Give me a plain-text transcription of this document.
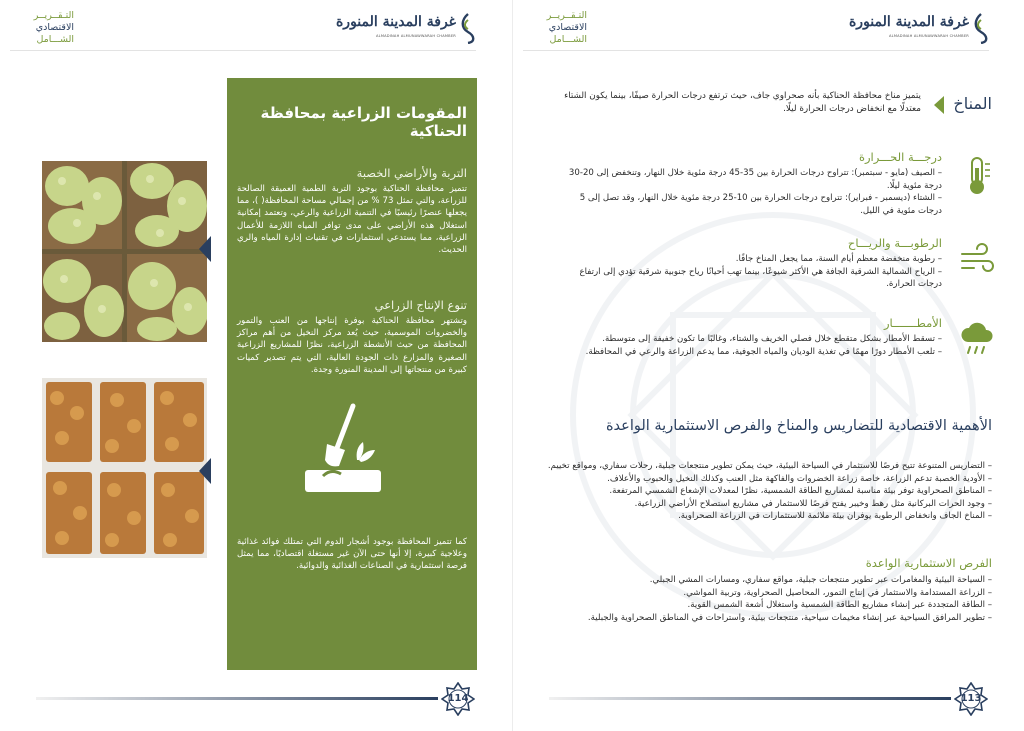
التـقــريــر
الاقتصادي
الشـــامل
غرفة المدينة المنورة
ALMADINAH ALMUNAWWARAH CHAMBER
المقومات الزراعية بمحافظة الحناكية
التربة والأراضي الخصبة

تتميز محافظة الحناكية بوجود التربة الطمية العميقة الصالحة للزراعة، والتي تمثل 73 % من إجمالي مساحة المحافظة( )، مما يجعلها عنصرًا رئيسيًا في التنمية الزراعية والرعي، وتعتمد إمكانية استغلال هذه الأراضي على مدى توافر المياه اللازمة للأعمال الزراعية، مما يستدعي استثمارات في تقنيات إدارة المياه والري الحديث.

تنوع الإنتاج الزراعي

وتشتهر محافظة الحناكية بوفرة إنتاجها من العنب والتمور والخضروات الموسمية، حيث يُعد مركز النخيل من أهم مراكز المحافظة من حيث الأنشطة الزراعية، نظرًا للمشاريع الزراعية الصغيرة والمزارع ذات الجودة العالية، التي يتم تصدير كميات كبيرة من منتجاتها إلى المدينة المنورة وجدة.

كما تتميز المحافظة بوجود أشجار الدوم التي تمتلك فوائد غذائية وعلاجية كبيرة، إلا أنها حتى الآن غير مستغلة اقتصاديًا، مما يمثل فرصة استثمارية في الصناعات الغذائية والدوائية.

114
التـقــريــر
الاقتصادي
الشـــامل
غرفة المدينة المنورة
ALMADINAH ALMUNAWWARAH CHAMBER
المناخ
يتميز مناخ محافظة الحناكية بأنه صحراوي جاف، حيث ترتفع درجات الحرارة صيفًا، بينما يكون الشتاء معتدلًا مع انخفاض درجات الحرارة ليلًا.
درجـــة الحـــرارة
– الصيف (مايو - سبتمبر): تتراوح درجات الحرارة بين 35-45 درجة مئوية خلال النهار، وتنخفض إلى 20-30 درجة مئوية ليلًا.
– الشتاء (ديسمبر - فبراير): تتراوح درجات الحرارة بين 10-25 درجة مئوية خلال النهار، وقد تصل إلى 5 درجات مئوية في الليل.
الرطوبـــة والريـــاح
– رطوبة منخفضة معظم أيام السنة، مما يجعل المناخ جافًا.
– الرياح الشمالية الشرقية الجافة هي الأكثر شيوعًا، بينما تهب أحيانًا رياح جنوبية شرقية تؤدي إلى ارتفاع درجات الحرارة.
الأمطـــــــار
– تسقط الأمطار بشكل متقطع خلال فصلي الخريف والشتاء، وغالبًا ما تكون خفيفة إلى متوسطة.
– تلعب الأمطار دورًا مهمًا في تغذية الوديان والمياه الجوفية، مما يدعم الزراعة والرعي في المحافظة.
الأهمية الاقتصادية للتضاريس والمناخ والفرص الاستثمارية الواعدة
– التضاريس المتنوعة تتيح فرصًا للاستثمار في السياحة البيئية، حيث يمكن تطوير منتجعات جبلية، رحلات سفاري، ومواقع تخييم.
– الأودية الخصبة تدعم الزراعة، خاصة زراعة الخضروات والفاكهة مثل العنب وكذلك النخيل والحبوب والأعلاف.
– المناطق الصحراوية توفر بيئة مناسبة لمشاريع الطاقة الشمسية، نظرًا لمعدلات الإشعاع الشمسي المرتفعة.
– وجود الحرات البركانية مثل رهط وخيبر يفتح فرصًا للاستثمار في مشاريع استصلاح الأراضي الزراعية.
– المناخ الجاف وانخفاض الرطوبة يوفران بيئة ملائمة للاستثمارات في الزراعة الصحراوية.
الفرص الاستثمارية الواعدة
– السياحة البيئية والمغامرات عبر تطوير منتجعات جبلية، مواقع سفاري، ومسارات المشي الجبلي.
– الزراعة المستدامة والاستثمار في إنتاج التمور، المحاصيل الصحراوية، وتربية المواشي.
– الطاقة المتجددة عبر إنشاء مشاريع الطاقة الشمسية واستغلال أشعة الشمس القوية.
– تطوير المرافق السياحية عبر إنشاء مخيمات سياحية، منتجعات بيئية، واستراحات في المناطق الصحراوية والجبلية.
113
